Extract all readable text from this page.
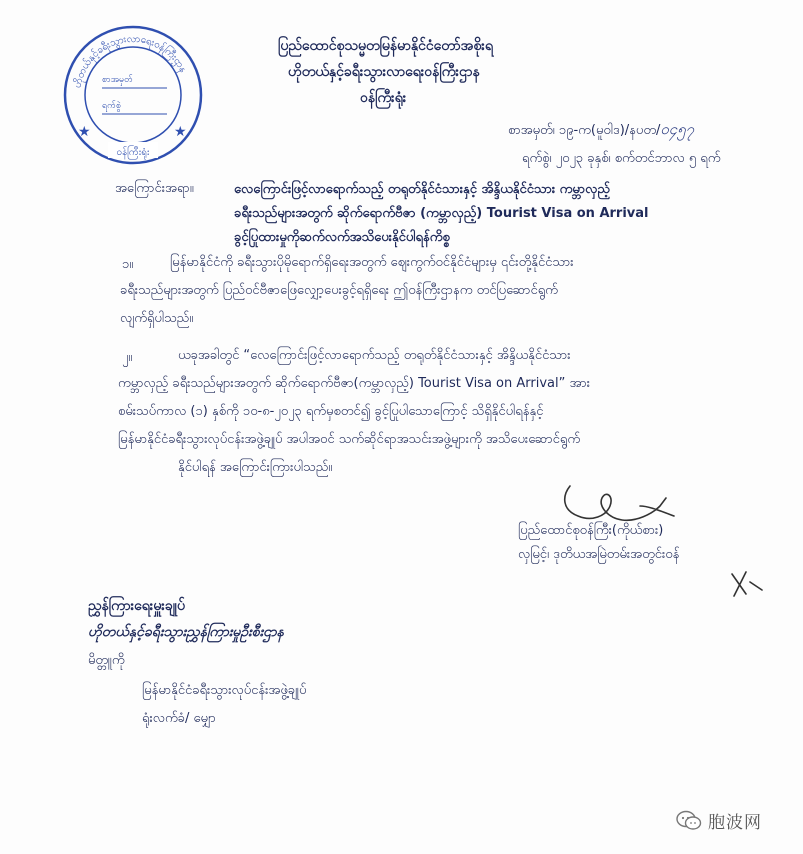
ဟိုတယ်နှင့်ခရီးသွားလာရေးဝန်ကြီးဌာန
စာအမှတ်
ရက်စွဲ
★	★
ဝန်ကြီးရုံး
ပြည်ထောင်စုသမ္မတမြန်မာနိုင်ငံတော်အစိုးရ
ဟိုတယ်နှင့်ခရီးသွားလာရေးဝန်ကြီးဌာန
ဝန်ကြီးရုံး
စာအမှတ်၊ ၁၉-က(မူဝါဒ)/နပတ/၀၄၅၇
ရက်စွဲ၊ ၂၀၂၃ ခုနှစ်၊ စက်တင်ဘာလ ၅ ရက်
အကြောင်းအရာ။	လေကြောင်းဖြင့်လာရောက်သည့် တရုတ်နိုင်ငံသားနှင့် အိန္ဒိယနိုင်ငံသား ကမ္ဘာလှည့်
ခရီးသည်များအတွက် ဆိုက်ရောက်ဗီဇာ (ကမ္ဘာလှည့်) Tourist Visa on Arrival
ခွင့်ပြုထားမှုကိုဆက်လက်အသိပေးနိုင်ပါရန်ကိစ္စ
၁။	မြန်မာနိုင်ငံကို ခရီးသွားပိုမိုရောက်ရှိရေးအတွက် ဈေးကွက်ဝင်နိုင်ငံများမှ ၎င်းတို့နိုင်ငံသား
ခရီးသည်များအတွက် ပြည်ဝင်ဗီဇာဖြေလျှော့ပေးခွင့်ရရှိရေး ဤဝန်ကြီးဌာနက တင်ပြဆောင်ရွက်
လျက်ရှိပါသည်။
၂။	ယခုအခါတွင် “လေကြောင်းဖြင့်လာရောက်သည့် တရုတ်နိုင်ငံသားနှင့် အိန္ဒိယနိုင်ငံသား
ကမ္ဘာလှည့် ခရီးသည်များအတွက် ဆိုက်ရောက်ဗီဇာ(ကမ္ဘာလှည့်) Tourist Visa on Arrival” အား
စမ်းသပ်ကာလ (၁) နှစ်ကို ၁၀-၈-၂၀၂၃ ရက်မှစတင်၍ ခွင့်ပြုပါသောကြောင့် သိရှိနိုင်ပါရန်နှင့်
မြန်မာနိုင်ငံခရီးသွားလုပ်ငန်းအဖွဲ့ချုပ် အပါအဝင် သက်ဆိုင်ရာအသင်းအဖွဲ့များကို အသိပေးဆောင်ရွက်
နိုင်ပါရန် အကြောင်းကြားပါသည်။
ပြည်ထောင်စုဝန်ကြီး(ကိုယ်စား)
လှမြင့်၊ ဒုတိယအမြဲတမ်းအတွင်းဝန်
ညွှန်ကြားရေးမှူးချုပ်
ဟိုတယ်နှင့်ခရီးသွားညွှန်ကြားမှုဦးစီးဌာန
မိတ္တူကို
မြန်မာနိုင်ငံခရီးသွားလုပ်ငန်းအဖွဲ့ချုပ်
ရုံးလက်ခံ/ မျှော
胞波网
